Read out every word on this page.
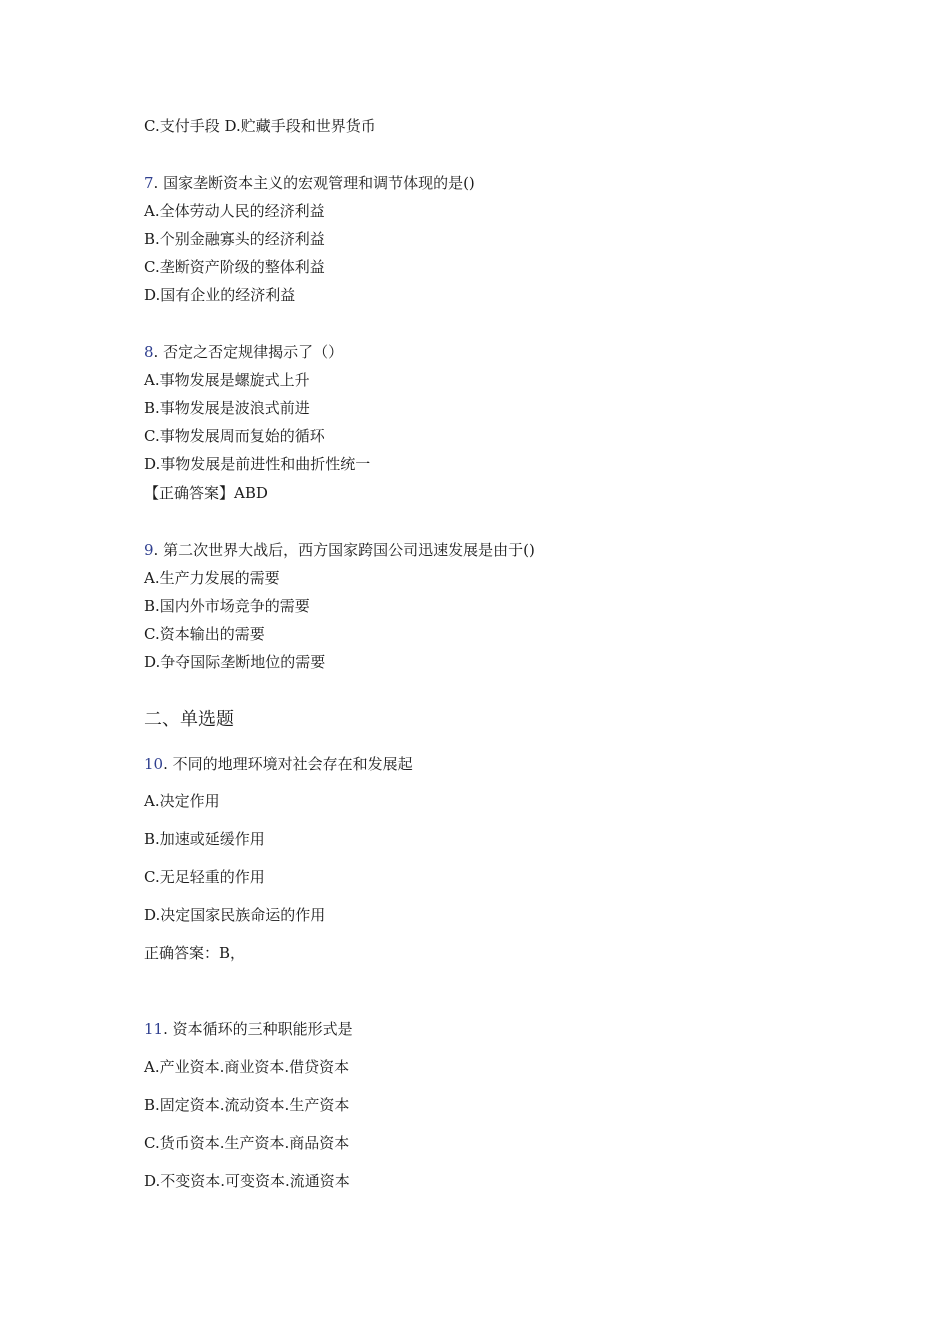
C.支付手段 D.贮藏手段和世界货币
7. 国家垄断资本主义的宏观管理和调节体现的是()
A.全体劳动人民的经济利益
B.个别金融寡头的经济利益
C.垄断资产阶级的整体利益
D.国有企业的经济利益
8. 否定之否定规律揭示了（）
A.事物发展是螺旋式上升
B.事物发展是波浪式前进
C.事物发展周而复始的循环
D.事物发展是前进性和曲折性统一
【正确答案】ABD
9. 第二次世界大战后，西方国家跨国公司迅速发展是由于()
A.生产力发展的需要
B.国内外市场竞争的需要
C.资本输出的需要
D.争夺国际垄断地位的需要
二、单选题
10. 不同的地理环境对社会存在和发展起
A.决定作用
B.加速或延缓作用
C.无足轻重的作用
D.决定国家民族命运的作用
正确答案：B，
11. 资本循环的三种职能形式是
A.产业资本.商业资本.借贷资本
B.固定资本.流动资本.生产资本
C.货币资本.生产资本.商品资本
D.不变资本.可变资本.流通资本
